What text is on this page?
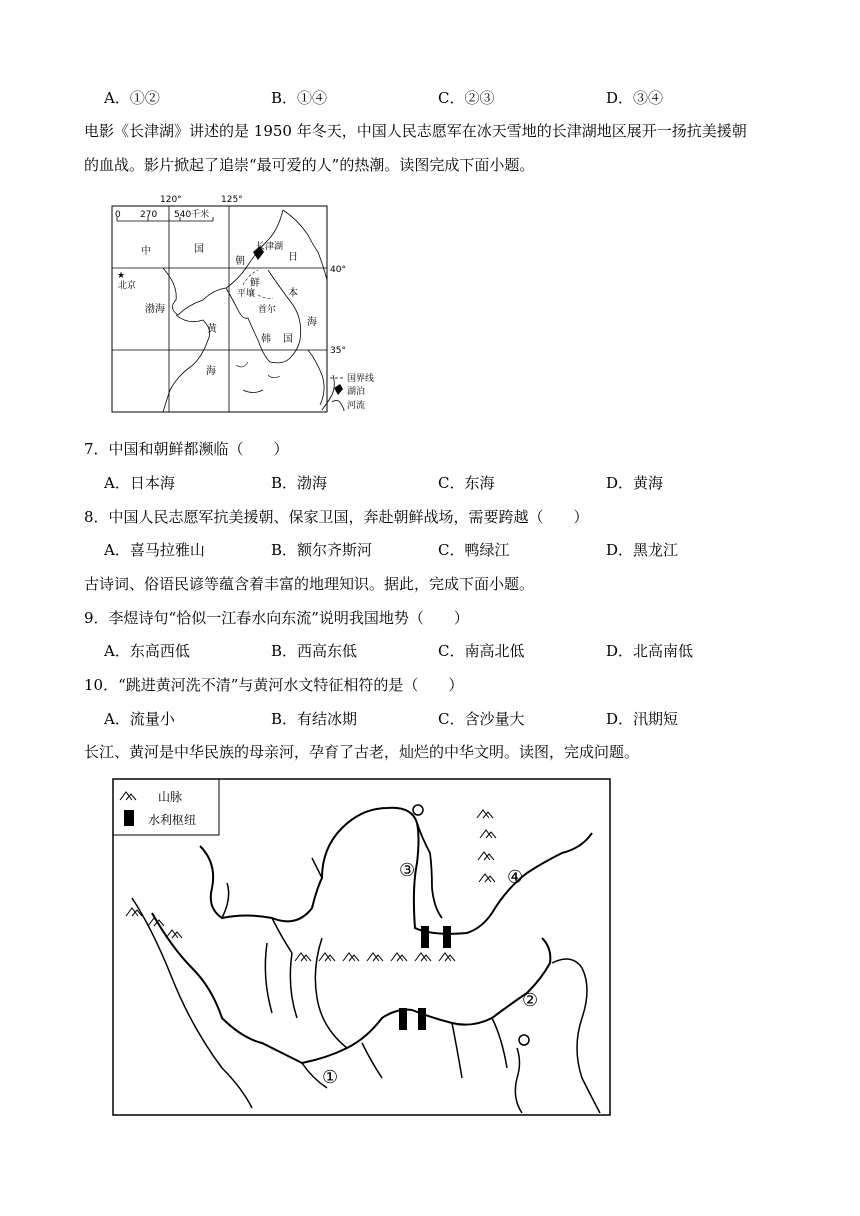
A．①②	B．①④	C．②③	D．③④
电影《长津湖》讲述的是 1950 年冬天，中国人民志愿军在冰天雪地的长津湖地区展开一扬抗美援朝
的血战。影片掀起了追崇“最可爱的人”的热潮。读图完成下面小题。
★
0 270 540千米
120°	125°
40°
35°
中	国
北京
渤海
黄
海
长津湖
朝
鲜
平壤
首尔
韩 国
日
本
海
国界线
湖泊
河流
7．中国和朝鲜都濒临（　　）
A．日本海	B．渤海	C．东海	D．黄海
8．中国人民志愿军抗美援朝、保家卫国，奔赴朝鲜战场，需要跨越（　　）
A．喜马拉雅山	B．额尔齐斯河	C．鸭绿江	D．黑龙江
古诗词、俗语民谚等蕴含着丰富的地理知识。据此，完成下面小题。
9．李煜诗句“恰似一江春水向东流”说明我国地势（　　）
A．东高西低	B．西高东低	C．南高北低	D．北高南低
10．“跳进黄河洗不清”与黄河水文特征相符的是（　　）
A．流量小	B．有结冰期	C．含沙量大	D．汛期短
长江、黄河是中华民族的母亲河，孕育了古老，灿烂的中华文明。读图，完成问题。
山脉
水利枢纽
①
②
③	④
